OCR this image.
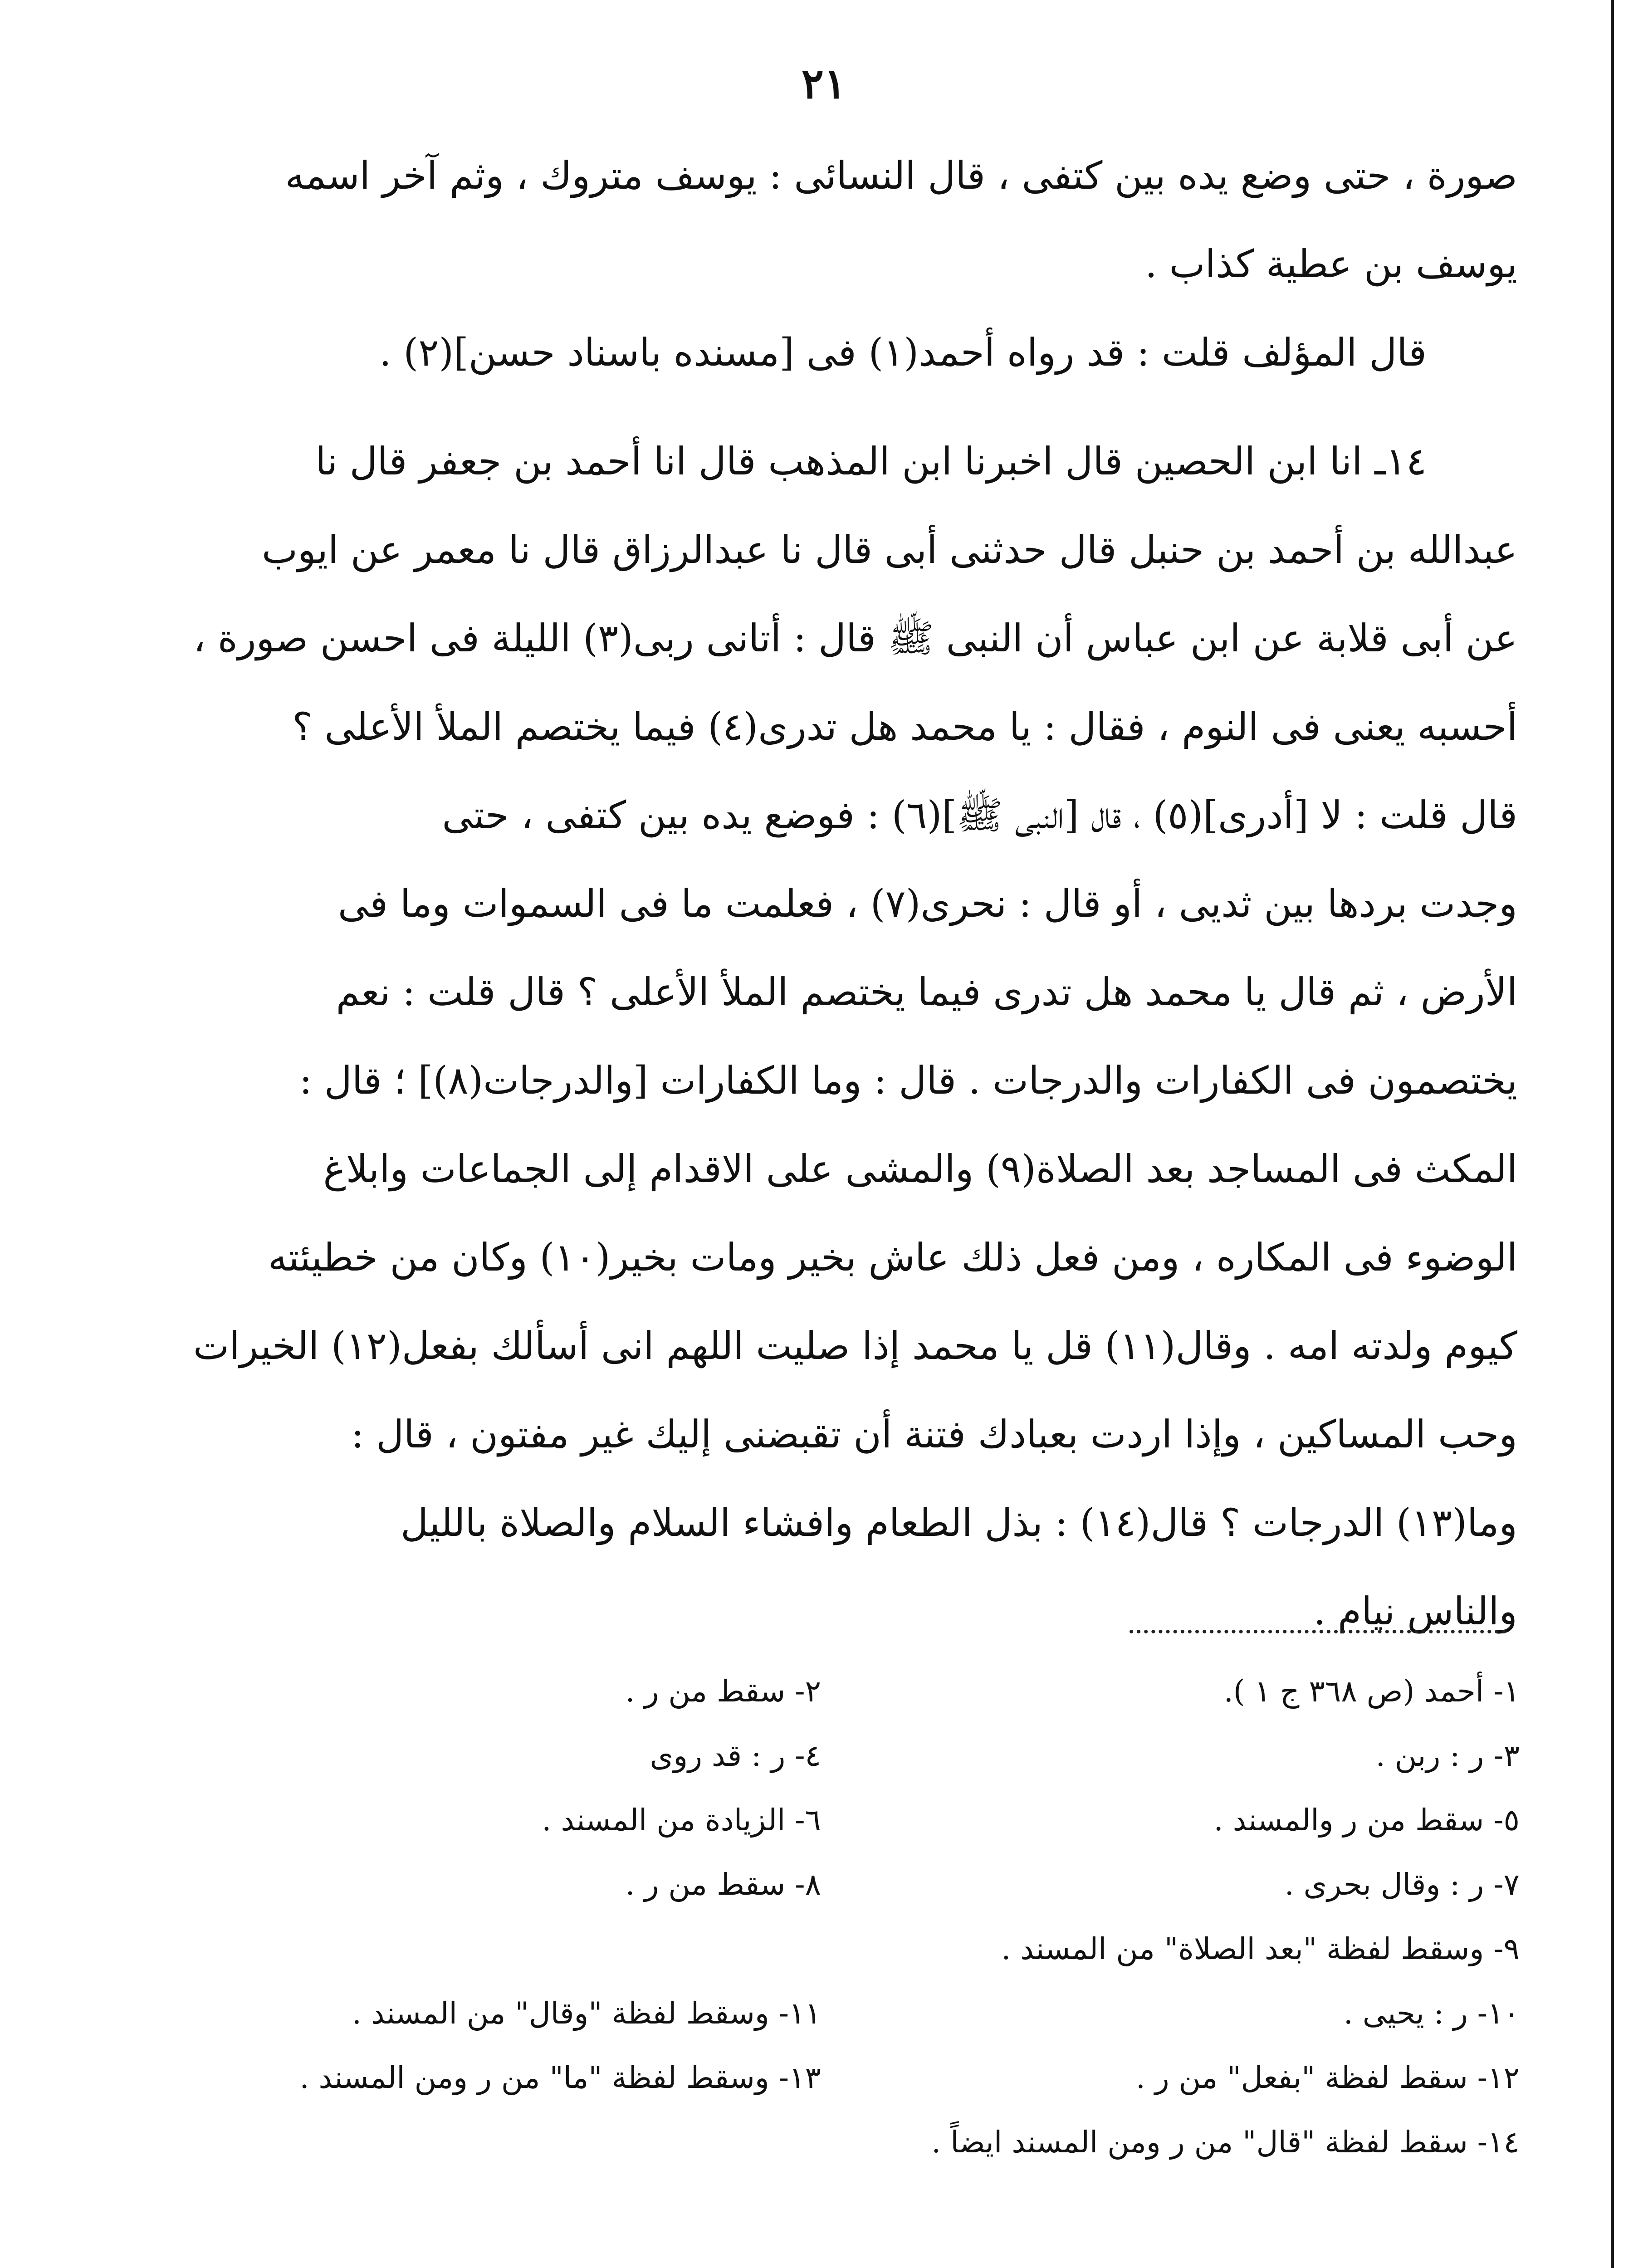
٢١
صورة ، حتى وضع يده بين كتفى ، قال النسائى : يوسف متروك ، وثم آخر اسمه
يوسف بن عطية كذاب .
قال المؤلف قلت : قد رواه أحمد(١) فى [مسنده باسناد حسن](٢) .
١٤ـ انا ابن الحصين قال اخبرنا ابن المذهب قال انا أحمد بن جعفر قال نا
عبدالله بن أحمد بن حنبل قال حدثنى أبى قال نا عبدالرزاق قال نا معمر عن ايوب
عن أبى قلابة عن ابن عباس أن النبى ﷺ قال : أتانى ربى(٣) الليلة فى احسن صورة ،
أحسبه يعنى فى النوم ، فقال : يا محمد هل تدرى(٤) فيما يختصم الملأ الأعلى ؟
قال قلت : لا [أدرى](٥) ، قال [النبى ﷺ](٦) : فوضع يده بين كتفى ، حتى
وجدت بردها بين ثديى ، أو قال : نحرى(٧) ، فعلمت ما فى السموات وما فى
الأرض ، ثم قال يا محمد هل تدرى فيما يختصم الملأ الأعلى ؟ قال قلت : نعم
يختصمون فى الكفارات والدرجات . قال : وما الكفارات [والدرجات(٨)] ؛ قال :
المكث فى المساجد بعد الصلاة(٩) والمشى على الاقدام إلى الجماعات وابلاغ
الوضوء فى المكاره ، ومن فعل ذلك عاش بخير ومات بخير(١٠) وكان من خطيئته
كيوم ولدته امه . وقال(١١) قل يا محمد إذا صليت اللهم انى أسألك بفعل(١٢) الخيرات
وحب المساكين ، وإذا اردت بعبادك فتنة أن تقبضنى إليك غير مفتون ، قال :
وما(١٣) الدرجات ؟ قال(١٤) : بذل الطعام وافشاء السلام والصلاة بالليل
والناس نيام .
١- أحمد (ص ٣٦٨ ج ١ ).
٢- سقط من ر .
٣- ر : ربن .
٤- ر : قد روى
٥- سقط من ر والمسند .
٦- الزيادة من المسند .
٧- ر : وقال بحرى .
٨- سقط من ر .
٩- وسقط لفظة "بعد الصلاة" من المسند .
١٠- ر : يحيى .
١١- وسقط لفظة "وقال" من المسند .
١٢- سقط لفظة "بفعل" من ر .
١٣- وسقط لفظة "ما" من ر ومن المسند .
١٤- سقط لفظة "قال" من ر ومن المسند ايضاً .
